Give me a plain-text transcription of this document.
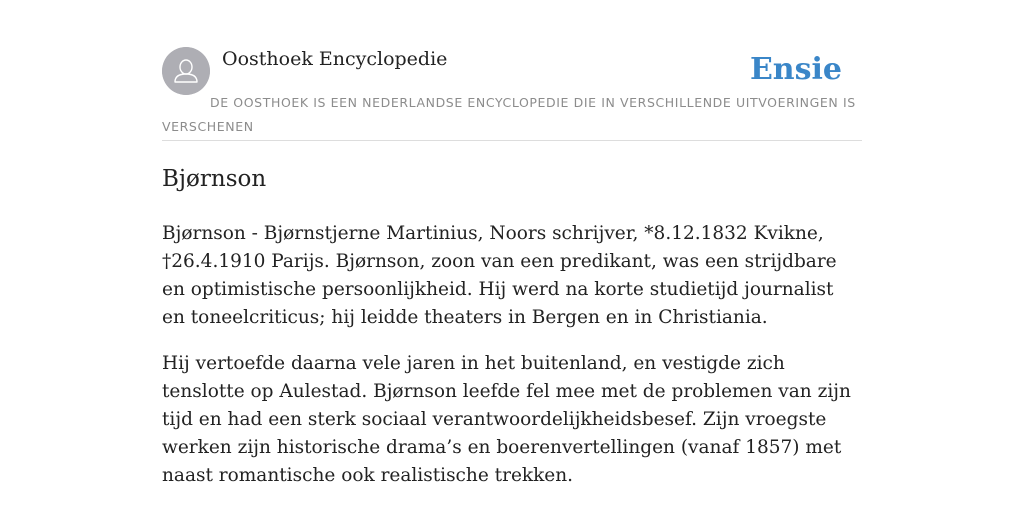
Oosthoek Encyclopedie	Ensie
DE OOSTHOEK IS EEN NEDERLANDSE ENCYCLOPEDIE DIE IN VERSCHILLENDE UITVOERINGEN IS VERSCHENEN
Bjørnson

Bjørnson - Bjørnstjerne Martinius, Noors schrijver, *8.12.1832 Kvikne, †26.4.1910 Parijs. Bjørnson, zoon van een predikant, was een strijdbare en optimistische persoonlijkheid. Hij werd na korte studietijd journalist en toneelcriticus; hij leidde theaters in Bergen en in Christiania.

Hij vertoefde daarna vele jaren in het buitenland, en vestigde zich tenslotte op Aulestad. Bjørnson leefde fel mee met de problemen van zijn tijd en had een sterk sociaal verantwoordelijkheidsbesef. Zijn vroegste werken zijn historische drama’s en boerenvertellingen (vanaf 1857) met naast romantische ook realistische trekken.
